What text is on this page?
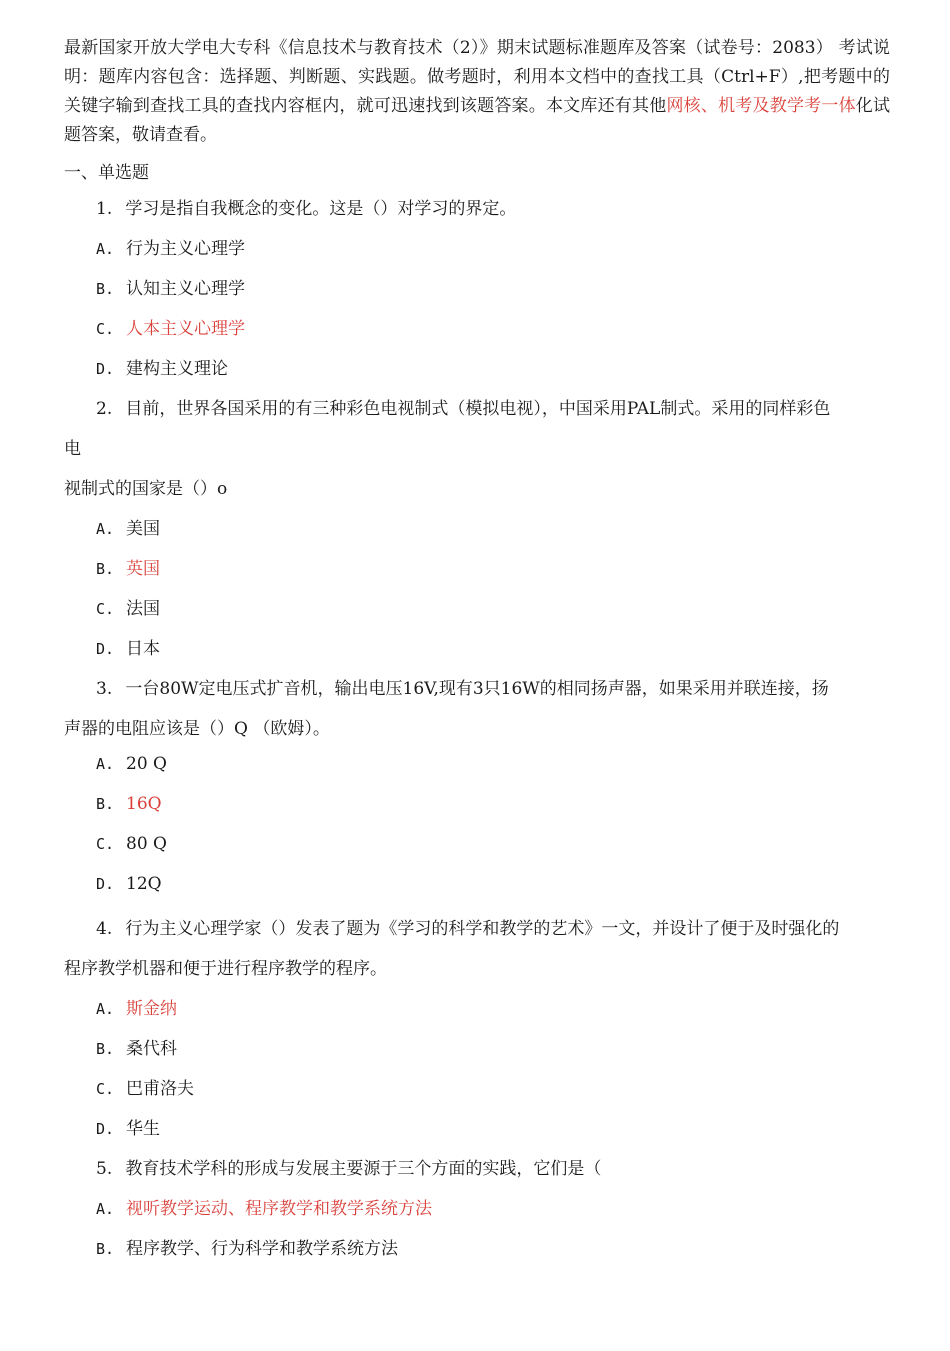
最新国家开放大学电大专科《信息技术与教育技术（2）》期末试题标准题库及答案（试卷号：2083） 考试说明：题库内容包含：选择题、判断题、实践题。做考题时，利用本文档中的查找工具（Ctrl+F）,把考题中的关键字输到查找工具的查找内容框内，就可迅速找到该题答案。本文库还有其他网核、机考及教学考一体化试题答案，敬请查看。

一、单选题

1. 学习是指自我概念的变化。这是（）对学习的界定。

A. 行为主义心理学

B. 认知主义心理学

C. 人本主义心理学

D. 建构主义理论

2. 目前，世界各国采用的有三种彩色电视制式（模拟电视），中国采用PAL制式。采用的同样彩色

电

视制式的国家是（）o

A. 美国

B. 英国

C. 法国

D. 日本

3. 一台80W定电压式扩音机，输出电压16V,现有3只16W的相同扬声器，如果采用并联连接，扬

声器的电阻应该是（）Q （欧姆）。

A. 20 Q

B. 16Q

C. 80 Q

D. 12Q

4. 行为主义心理学家（）发表了题为《学习的科学和教学的艺术》一文，并设计了便于及时强化的

程序教学机器和便于进行程序教学的程序。

A. 斯金纳

B. 桑代科

C. 巴甫洛夫

D. 华生

5. 教育技术学科的形成与发展主要源于三个方面的实践，它们是（

A. 视听教学运动、程序教学和教学系统方法

B. 程序教学、行为科学和教学系统方法
